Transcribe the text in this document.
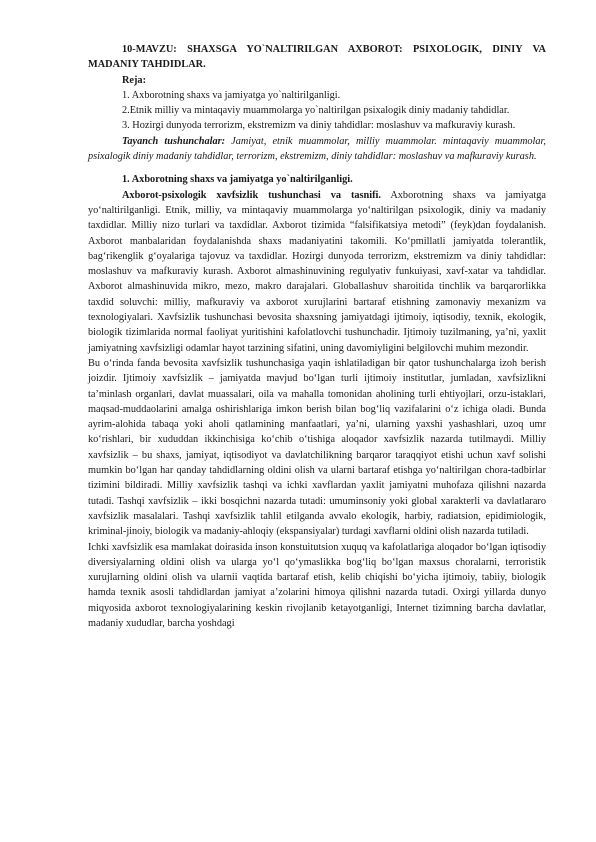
10-MAVZU: SHAXSGA YO`NALTIRILGAN AXBOROT: PSIXOLOGIK, DINIY VA MADANIY TAHDIDLAR.

Reja:

1. Axborotning shaxs va jamiyatga yo`naltirilganligi.

2.Etnik milliy va mintaqaviy muammolarga yo`naltirilgan psixalogik diniy madaniy tahdidlar.

3. Hozirgi dunyoda terrorizm, ekstremizm va diniy tahdidlar: moslashuv va mafkuraviy kurash.

Tayanch tushunchalar: Jamiyat, etnik muammolar, milliy muammolar. mintaqaviy muammolar, psixalogik diniy madaniy tahdidlar, terrorizm, ekstremizm, diniy tahdidlar: moslashuv va mafkuraviy kurash.

1. Axborotning shaxs va jamiyatga yo`naltirilganligi.

Axborot-psixologik xavfsizlik tushunchasi va tasnifi. Axborotning shaxs va jamiyatga yo‘naltirilganligi. Etnik, milliy, va mintaqaviy muammolarga yo‘naltirilgan psixologik, diniy va madaniy taxdidlar. Milliy nizo turlari va taxdidlar. Axborot tizimida “falsifikatsiya metodi” (feyk)dan foydalanish. Axborot manbalaridan foydalanishda shaxs madaniyatini takomili. Ko‘pmillatli jamiyatda tolerantlik, bag‘rikenglik g‘oyalariga tajovuz va taxdidlar. Hozirgi dunyoda terrorizm, ekstremizm va diniy tahdidlar: moslashuv va mafkuraviy kurash. Axborot almashinuvining regulyativ funkuiyasi, xavf-xatar va tahdidlar. Axborot almashinuvida mikro, mezo, makro darajalari. Globallashuv sharoitida tinchlik va barqarorlikka taxdid soluvchi: milliy, mafkuraviy va axborot xurujlarini bartaraf etishning zamonaviy mexanizm va texnologiyalari. Xavfsizlik tushunchasi bevosita shaxsning jamiyatdagi ijtimoiy, iqtisodiy, texnik, ekologik, biologik tizimlarida normal faoliyat yuritishini kafolatlovchi tushunchadir. Ijtimoiy tuzilmaning, ya’ni, yaxlit jamiyatning xavfsizligi odamlar hayot tarzining sifatini, uning davomiyligini belgilovchi muhim mezondir.

Bu o‘rinda fanda bevosita xavfsizlik tushunchasiga yaqin ishlatiladigan bir qator tushunchalarga izoh berish joizdir. Ijtimoiy xavfsizlik – jamiyatda mavjud bo‘lgan turli ijtimoiy institutlar, jumladan, xavfsizlikni ta’minlash organlari, davlat muassalari, oila va mahalla tomonidan aholining turli ehtiyojlari, orzu-istaklari, maqsad-muddaolarini amalga oshirishlariga imkon berish bilan bog‘liq vazifalarini o‘z ichiga oladi. Bunda ayrim-alohida tabaqa yoki aholi qatlamining manfaatlari, ya’ni, ularning yaxshi yashashlari, uzoq umr ko‘rishlari, bir xududdan ikkinchisiga ko‘chib o‘tishiga aloqador xavfsizlik nazarda tutilmaydi. Milliy xavfsizlik – bu shaxs, jamiyat, iqtisodiyot va davlatchilikning barqaror taraqqiyot etishi uchun xavf solishi mumkin bo‘lgan har qanday tahdidlarning oldini olish va ularni bartaraf etishga yo‘naltirilgan chora-tadbirlar tizimini bildiradi. Milliy xavfsizlik tashqi va ichki xavflardan yaxlit jamiyatni muhofaza qilishni nazarda tutadi. Tashqi xavfsizlik – ikki bosqichni nazarda tutadi: umuminsoniy yoki global xarakterli va davlatlararo xavfsizlik masalalari. Tashqi xavfsizlik tahlil etilganda avvalo ekologik, harbiy, radiatsion, epidimiologik, kriminal-jinoiy, biologik va madaniy-ahloqiy (ekspansiyalar) turdagi xavflarni oldini olish nazarda tutiladi.

Ichki xavfsizlik esa mamlakat doirasida inson konstuitutsion xuquq va kafolatlariga aloqador bo‘lgan iqtisodiy diversiyalarning oldini olish va ularga yo‘l qo‘ymaslikka bog‘liq bo‘lgan maxsus choralarni, terroristik xurujlarning oldini olish va ularnii vaqtida bartaraf etish, kelib chiqishi bo‘yicha ijtimoiy, tabiiy, biologik hamda texnik asosli tahdidlardan jamiyat a’zolarini himoya qilishni nazarda tutadi. Oxirgi yillarda dunyo miqyosida axborot texnologiyalarining keskin rivojlanib ketayotganligi, Internet tizimning barcha davlatlar, madaniy xududlar, barcha yoshdagi
